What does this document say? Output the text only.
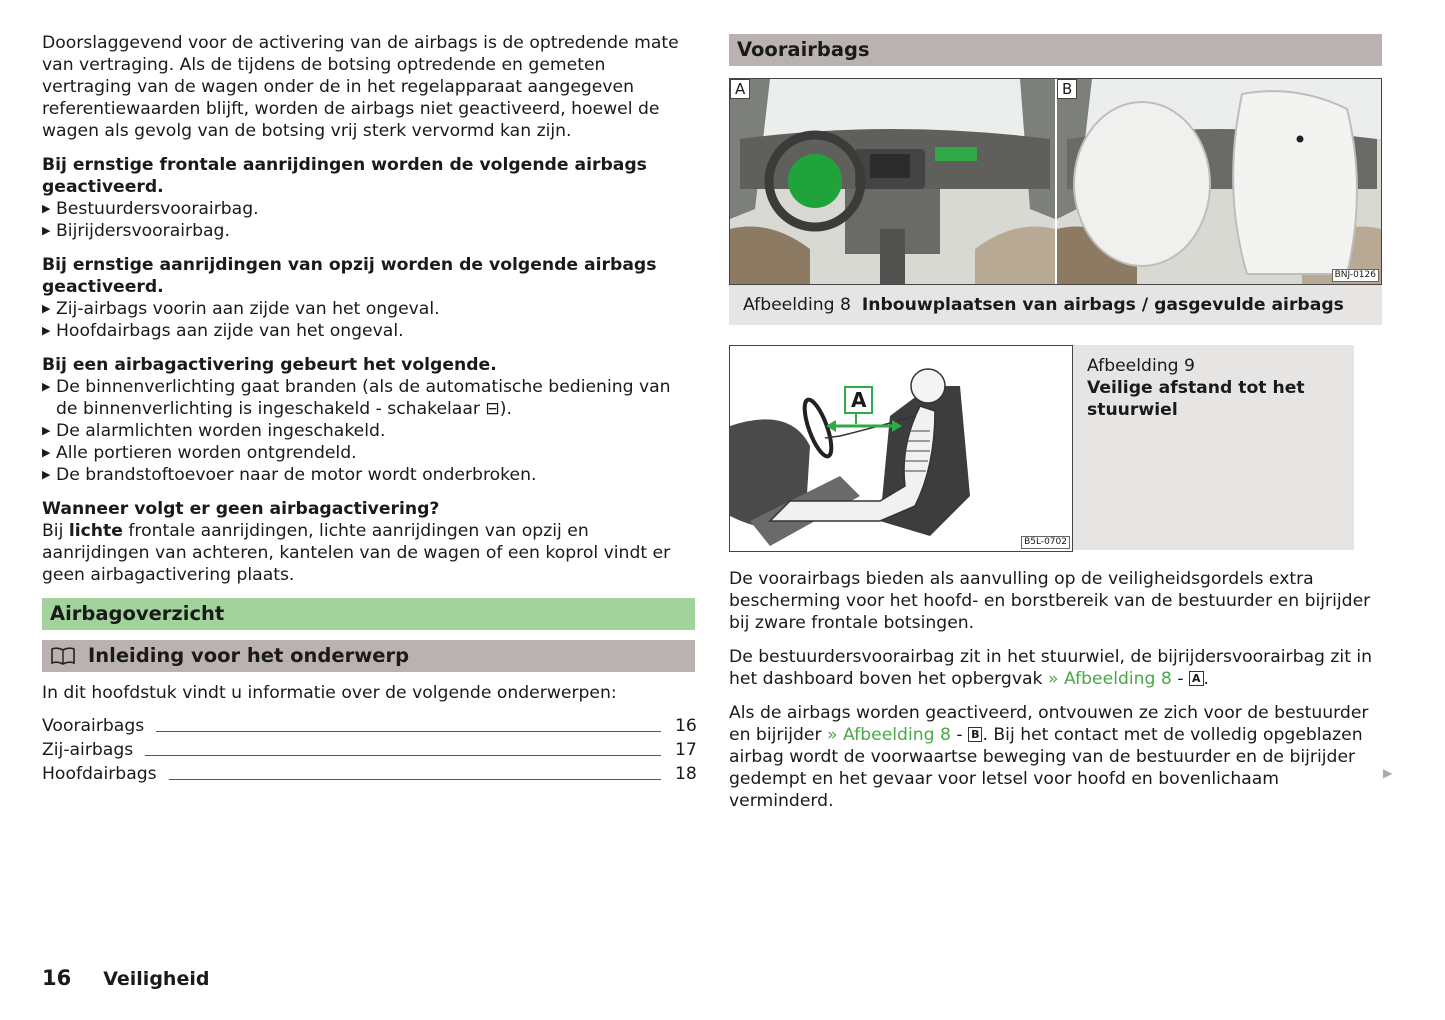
Doorslaggevend voor de activering van de airbags is de optredende mate van vertraging. Als de tijdens de botsing optredende en gemeten vertraging van de wagen onder de in het regelapparaat aangegeven referentiewaarden blijft, worden de airbags niet geactiveerd, hoewel de wagen als gevolg van de botsing vrij sterk vervormd kan zijn.

Bij ernstige frontale aanrijdingen worden de volgende airbags geactiveerd.

▶ Bestuurdersvoorairbag.
▶ Bijrijdersvoorairbag.

Bij ernstige aanrijdingen van opzij worden de volgende airbags geactiveerd.

▶ Zij-airbags voorin aan zijde van het ongeval.
▶ Hoofdairbags aan zijde van het ongeval.

Bij een airbagactivering gebeurt het volgende.

▶ De binnenverlichting gaat branden (als de automatische bediening van de binnenverlichting is ingeschakeld - schakelaar ⊟).
▶ De alarmlichten worden ingeschakeld.
▶ Alle portieren worden ontgrendeld.
▶ De brandstoftoevoer naar de motor wordt onderbroken.

Wanneer volgt er geen airbagactivering?

Bij lichte frontale aanrijdingen, lichte aanrijdingen van opzij en aanrijdingen van achteren, kantelen van de wagen of een koprol vindt er geen airbagactivering plaats.

Airbagoverzicht
Inleiding voor het onderwerp

In dit hoofdstuk vindt u informatie over de volgende onderwerpen:

Voorairbags	16
Zij-airbags	17
Hoofdairbags	18
Voorairbags
A	B
BNJ-0126
Afbeelding 8 Inbouwplaatsen van airbags / gasgevulde airbags
A
B5L-0702
Afbeelding 9
Veilige afstand tot het stuurwiel

De voorairbags bieden als aanvulling op de veiligheidsgordels extra bescherming voor het hoofd- en borstbereik van de bestuurder en bijrijder bij zware frontale botsingen.

De bestuurdersvoorairbag zit in het stuurwiel, de bijrijdersvoorairbag zit in het dashboard boven het opbergvak » Afbeelding 8 - A .

Als de airbags worden geactiveerd, ontvouwen ze zich voor de bestuurder en bijrijder » Afbeelding 8 - B . Bij het contact met de volledig opgeblazen airbag wordt de voorwaartse beweging van de bestuurder en de bijrijder gedempt en het gevaar voor letsel voor hoofd en bovenlichaam verminderd.

▶
16 Veiligheid
